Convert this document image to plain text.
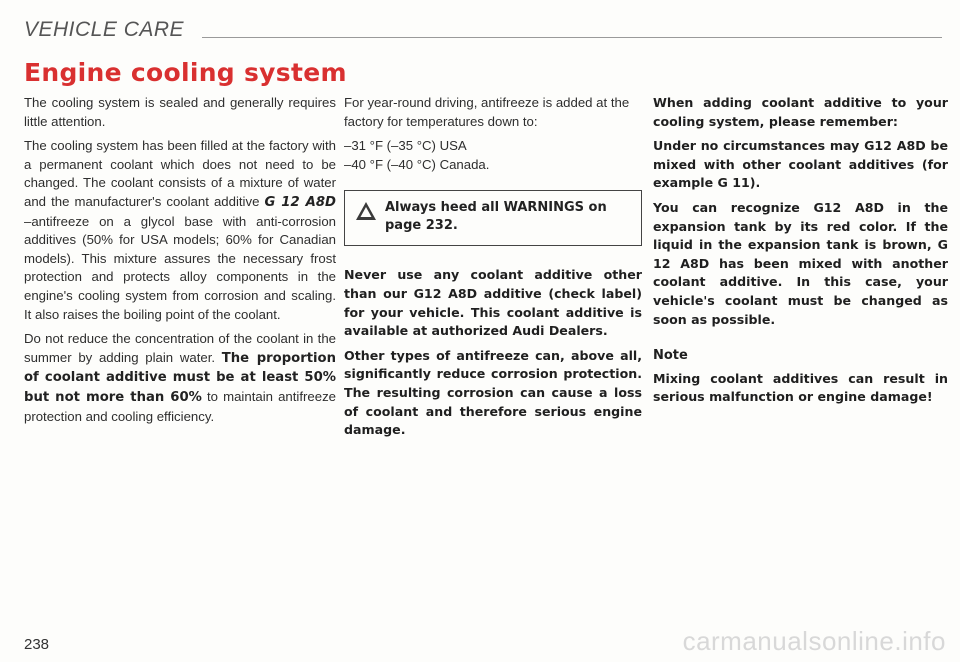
VEHICLE CARE
Engine cooling system

The cooling system is sealed and generally requires little attention.

The cooling system has been filled at the factory with a permanent coolant which does not need to be changed. The coolant consists of a mixture of water and the manufacturer's coolant additive G 12 A8D –antifreeze on a glycol base with anti-corrosion additives (50% for USA models; 60% for Canadian models). This mixture assures the necessary frost protection and protects alloy components in the engine's cooling system from corrosion and scaling. It also raises the boiling point of the coolant.

Do not reduce the concentration of the coolant in the summer by adding plain water. The proportion of coolant additive must be at least 50% but not more than 60% to maintain antifreeze protection and cooling efficiency.

For year-round driving, antifreeze is added at the factory for temperatures down to:

–31 °F (–35 °C) USA

–40 °F (–40 °C) Canada.

Always heed all WARNINGS on page 232.

Never use any coolant additive other than our G12 A8D additive (check label) for your vehicle. This coolant additive is available at authorized Audi Dealers.

Other types of antifreeze can, above all, significantly reduce corrosion protection. The resulting corrosion can cause a loss of coolant and therefore serious engine damage.

When adding coolant additive to your cooling system, please remember:

Under no circumstances may G12 A8D be mixed with other coolant additives (for example G 11).

You can recognize G12 A8D in the expansion tank by its red color. If the liquid in the expansion tank is brown, G 12 A8D has been mixed with another coolant additive. In this case, your vehicle's coolant must be changed as soon as possible.

Note

Mixing coolant additives can result in serious malfunction or engine damage!

238	carmanualsonline.info
